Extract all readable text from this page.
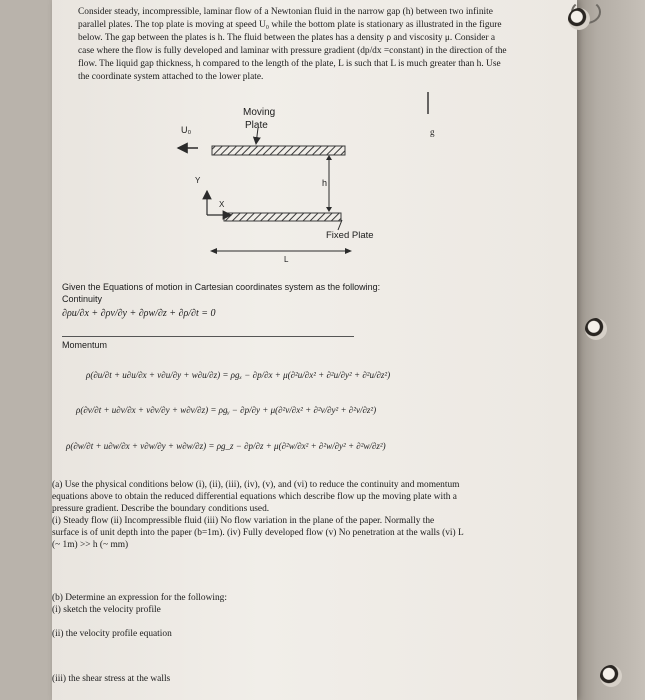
Consider steady, incompressible, laminar flow of a Newtonian fluid in the narrow gap (h) between two infinite

parallel plates. The top plate is moving at speed U₀ while the bottom plate is stationary as illustrated in the figure

below. The gap between the plates is h. The fluid between the plates has a density ρ and viscosity μ. Consider a

case where the flow is fully developed and laminar with pressure gradient (dp/dx =constant) in the direction of the

flow. The liquid gap thickness, h compared to the length of the plate, L is such that L is much greater than h. Use

the coordinate system attached to the lower plate.

Moving
Plate
U₀	g
h
Y
X
Fixed Plate
L

Given the Equations of motion in Cartesian coordinates system as the following:

Continuity

∂ρu/∂x + ∂ρv/∂y + ∂ρw/∂z + ∂ρ/∂t = 0

Momentum

ρ(∂u/∂t + u∂u/∂x + v∂u/∂y + w∂u/∂z) = ρgₓ − ∂p/∂x + μ(∂²u/∂x² + ∂²u/∂y² + ∂²u/∂z²)
ρ(∂v/∂t + u∂v/∂x + v∂v/∂y + w∂v/∂z) = ρgᵧ − ∂p/∂y + μ(∂²v/∂x² + ∂²v/∂y² + ∂²v/∂z²)
ρ(∂w/∂t + u∂w/∂x + v∂w/∂y + w∂w/∂z) = ρg_z − ∂p/∂z + μ(∂²w/∂x² + ∂²w/∂y² + ∂²w/∂z²)

(a) Use the physical conditions below (i), (ii), (iii), (iv), (v), and (vi) to reduce the continuity and momentum

equations above to obtain the reduced differential equations which describe flow up the moving plate with a

pressure gradient. Describe the boundary conditions used.

(i) Steady flow (ii) Incompressible fluid (iii) No flow variation in the plane of the paper. Normally the

surface is of unit depth into the paper (b=1m). (iv) Fully developed flow (v) No penetration at the walls (vi) L

(~ 1m) >> h (~ mm)

(b) Determine an expression for the following:

(i) sketch the velocity profile

(ii) the velocity profile equation

(iii) the shear stress at the walls
